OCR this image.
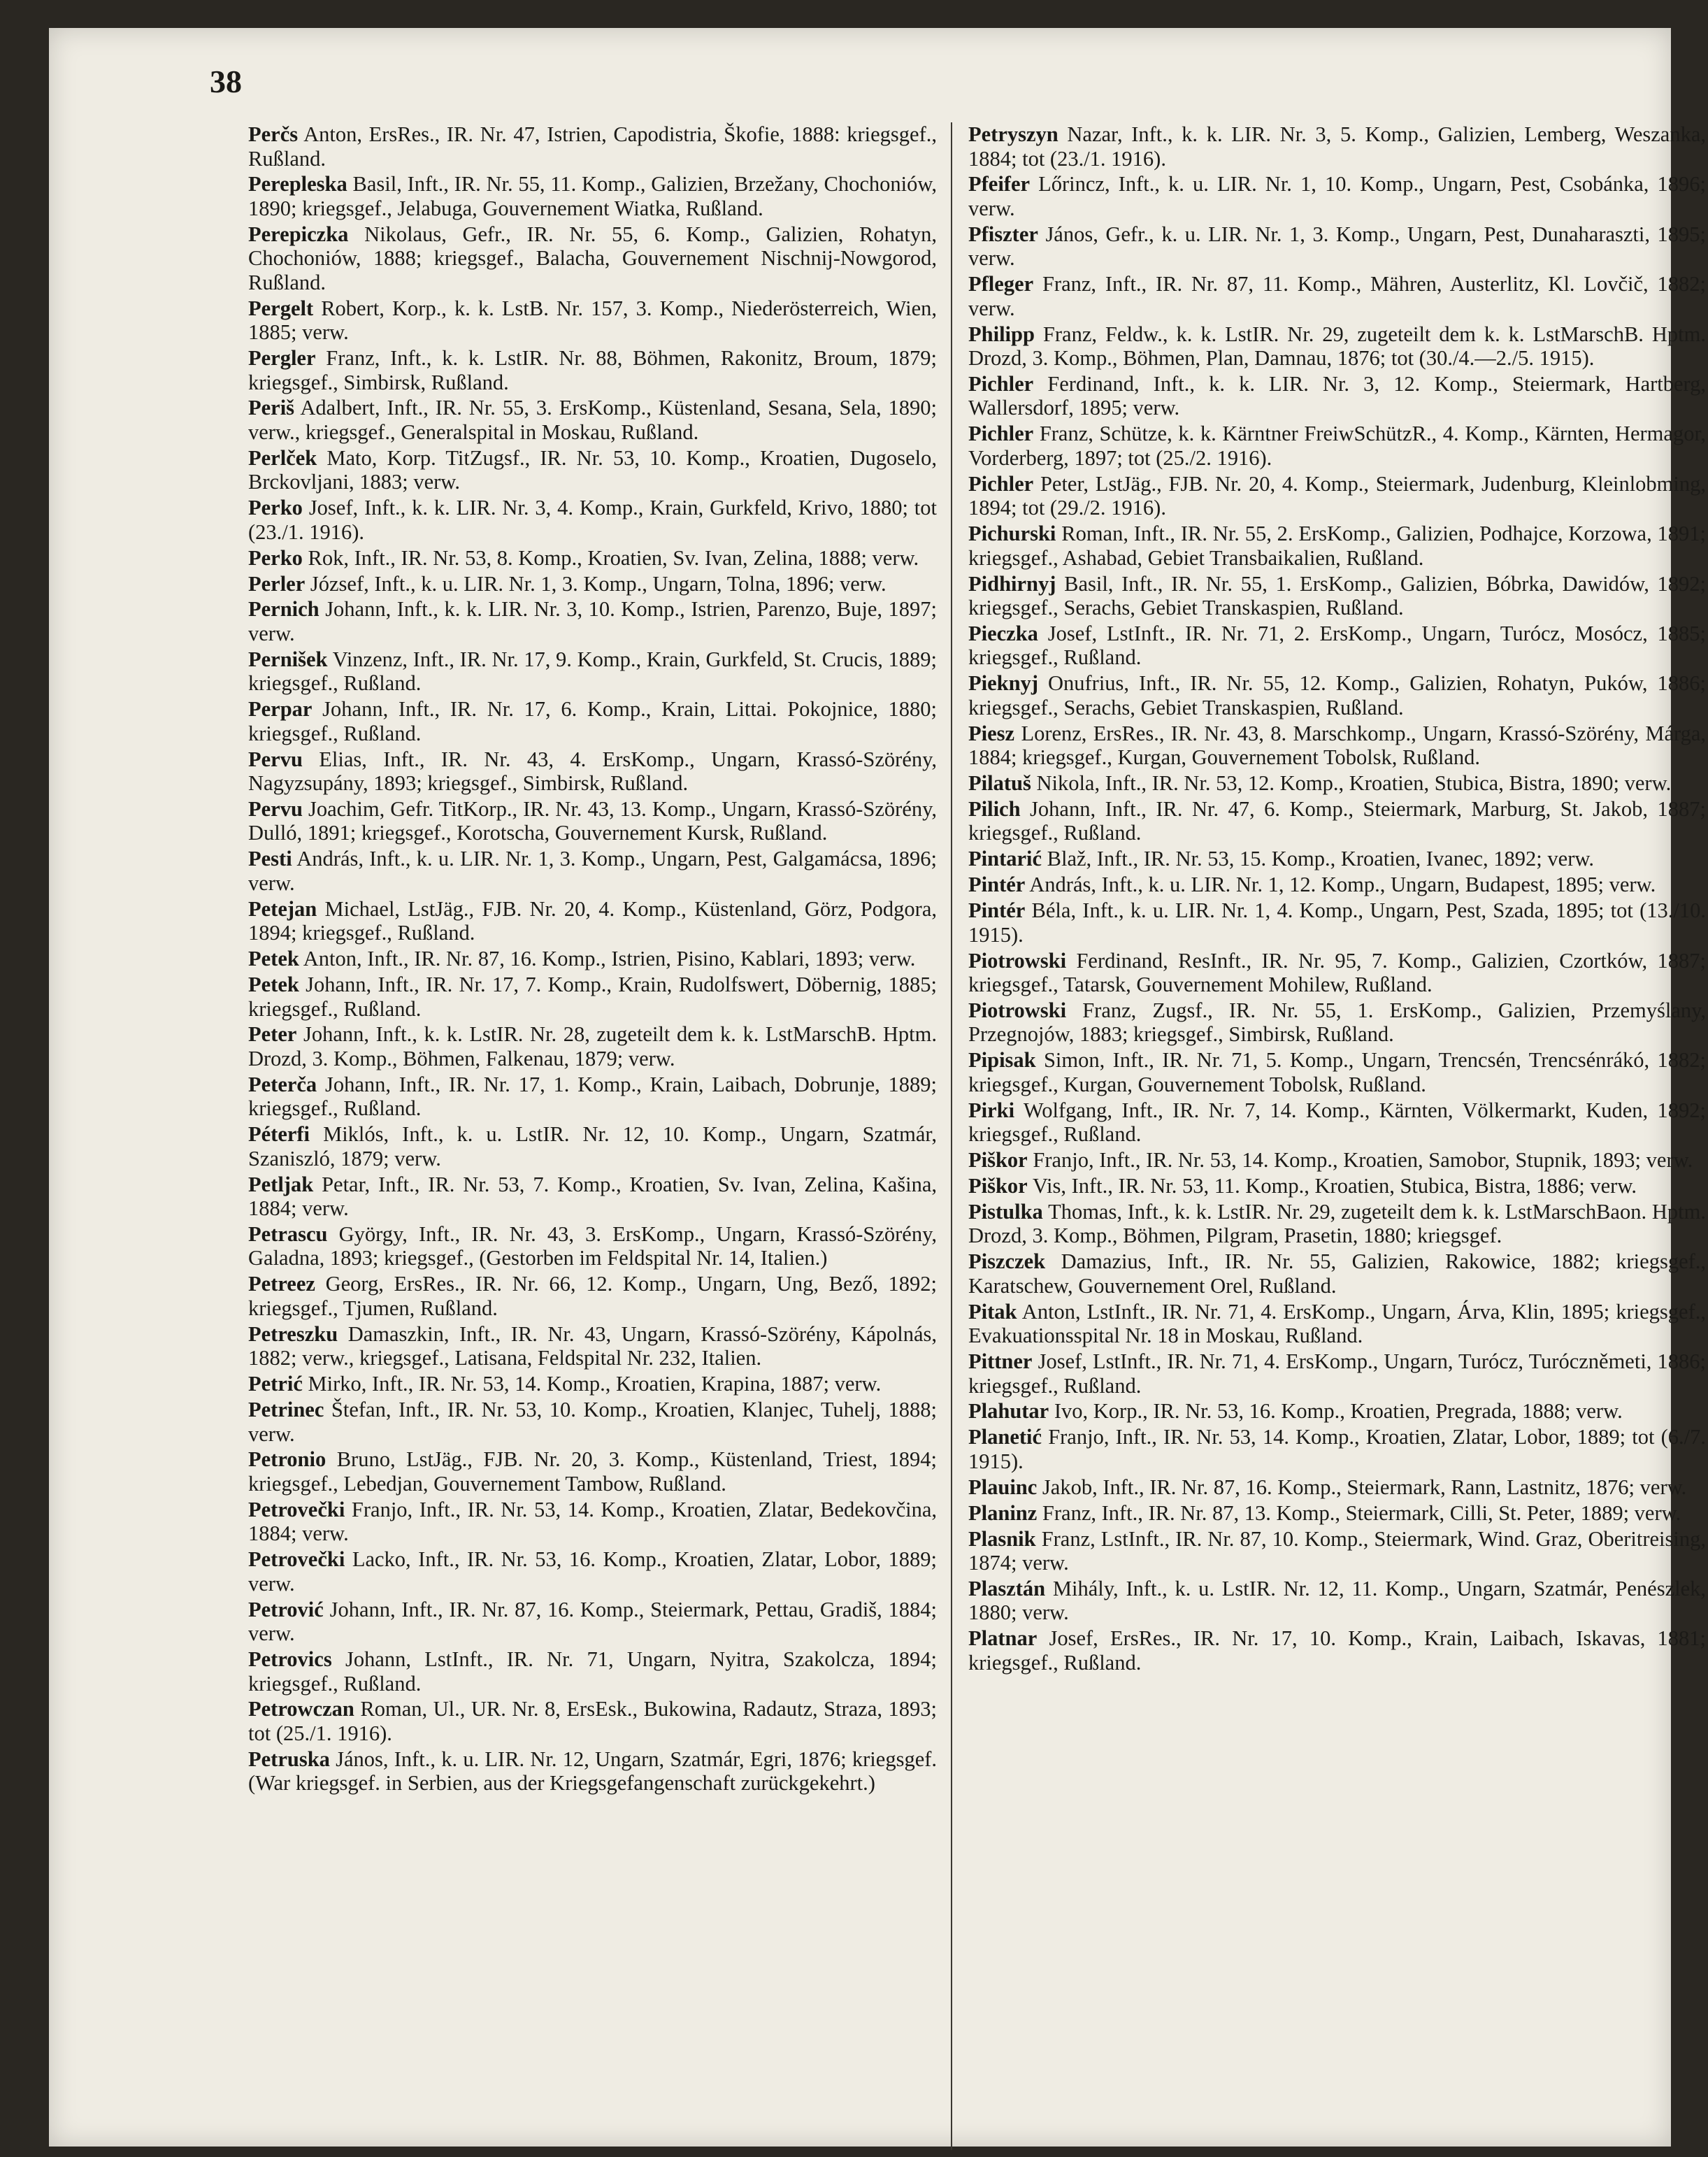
38

Perčs Anton, ErsRes., IR. Nr. 47, Istrien, Capodistria, Škofie, 1888: kriegsgef., Rußland.

Perepleska Basil, Inft., IR. Nr. 55, 11. Komp., Galizien, Brzežany, Chochoniów, 1890; kriegsgef., Jelabuga, Gouvernement Wiatka, Rußland.

Perepiczka Nikolaus, Gefr., IR. Nr. 55, 6. Komp., Galizien, Rohatyn, Chochoniów, 1888; kriegsgef., Balacha, Gouvernement Nischnij-Nowgorod, Rußland.

Pergelt Robert, Korp., k. k. LstB. Nr. 157, 3. Komp., Niederösterreich, Wien, 1885; verw.

Pergler Franz, Inft., k. k. LstIR. Nr. 88, Böhmen, Rakonitz, Broum, 1879; kriegsgef., Simbirsk, Rußland.

Periš Adalbert, Inft., IR. Nr. 55, 3. ErsKomp., Küstenland, Sesana, Sela, 1890; verw., kriegsgef., Generalspital in Moskau, Rußland.

Perlček Mato, Korp. TitZugsf., IR. Nr. 53, 10. Komp., Kroatien, Dugoselo, Brckovljani, 1883; verw.

Perko Josef, Inft., k. k. LIR. Nr. 3, 4. Komp., Krain, Gurkfeld, Krivo, 1880; tot (23./1. 1916).

Perko Rok, Inft., IR. Nr. 53, 8. Komp., Kroatien, Sv. Ivan, Zelina, 1888; verw.

Perler József, Inft., k. u. LIR. Nr. 1, 3. Komp., Ungarn, Tolna, 1896; verw.

Pernich Johann, Inft., k. k. LIR. Nr. 3, 10. Komp., Istrien, Parenzo, Buje, 1897; verw.

Pernišek Vinzenz, Inft., IR. Nr. 17, 9. Komp., Krain, Gurkfeld, St. Crucis, 1889; kriegsgef., Rußland.

Perpar Johann, Inft., IR. Nr. 17, 6. Komp., Krain, Littai. Pokojnice, 1880; kriegsgef., Rußland.

Pervu Elias, Inft., IR. Nr. 43, 4. ErsKomp., Ungarn, Krassó-Szörény, Nagyzsupány, 1893; kriegsgef., Simbirsk, Rußland.

Pervu Joachim, Gefr. TitKorp., IR. Nr. 43, 13. Komp., Ungarn, Krassó-Szörény, Dulló, 1891; kriegsgef., Korotscha, Gouvernement Kursk, Rußland.

Pesti András, Inft., k. u. LIR. Nr. 1, 3. Komp., Ungarn, Pest, Galgamácsa, 1896; verw.

Petejan Michael, LstJäg., FJB. Nr. 20, 4. Komp., Küstenland, Görz, Podgora, 1894; kriegsgef., Rußland.

Petek Anton, Inft., IR. Nr. 87, 16. Komp., Istrien, Pisino, Kablari, 1893; verw.

Petek Johann, Inft., IR. Nr. 17, 7. Komp., Krain, Rudolfswert, Döbernig, 1885; kriegsgef., Rußland.

Peter Johann, Inft., k. k. LstIR. Nr. 28, zugeteilt dem k. k. LstMarschB. Hptm. Drozd, 3. Komp., Böhmen, Falkenau, 1879; verw.

Peterča Johann, Inft., IR. Nr. 17, 1. Komp., Krain, Laibach, Dobrunje, 1889; kriegsgef., Rußland.

Péterfi Miklós, Inft., k. u. LstIR. Nr. 12, 10. Komp., Ungarn, Szatmár, Szaniszló, 1879; verw.

Petljak Petar, Inft., IR. Nr. 53, 7. Komp., Kroatien, Sv. Ivan, Zelina, Kašina, 1884; verw.

Petrascu György, Inft., IR. Nr. 43, 3. ErsKomp., Ungarn, Krassó-Szörény, Galadna, 1893; kriegsgef., (Gestorben im Feldspital Nr. 14, Italien.)

Petreez Georg, ErsRes., IR. Nr. 66, 12. Komp., Ungarn, Ung, Bező, 1892; kriegsgef., Tjumen, Rußland.

Petreszku Damaszkin, Inft., IR. Nr. 43, Ungarn, Krassó-Szörény, Kápolnás, 1882; verw., kriegsgef., Latisana, Feldspital Nr. 232, Italien.

Petrić Mirko, Inft., IR. Nr. 53, 14. Komp., Kroatien, Krapina, 1887; verw.

Petrinec Štefan, Inft., IR. Nr. 53, 10. Komp., Kroatien, Klanjec, Tuhelj, 1888; verw.

Petronio Bruno, LstJäg., FJB. Nr. 20, 3. Komp., Küstenland, Triest, 1894; kriegsgef., Lebedjan, Gouvernement Tambow, Rußland.

Petrovečki Franjo, Inft., IR. Nr. 53, 14. Komp., Kroatien, Zlatar, Bedekovčina, 1884; verw.

Petrovečki Lacko, Inft., IR. Nr. 53, 16. Komp., Kroatien, Zlatar, Lobor, 1889; verw.

Petrović Johann, Inft., IR. Nr. 87, 16. Komp., Steiermark, Pettau, Gradiš, 1884; verw.

Petrovics Johann, LstInft., IR. Nr. 71, Ungarn, Nyitra, Szakolcza, 1894; kriegsgef., Rußland.

Petrowczan Roman, Ul., UR. Nr. 8, ErsEsk., Bukowina, Radautz, Straza, 1893; tot (25./1. 1916).

Petruska János, Inft., k. u. LIR. Nr. 12, Ungarn, Szatmár, Egri, 1876; kriegsgef. (War kriegsgef. in Serbien, aus der Kriegsgefangenschaft zurückgekehrt.)

Petryszyn Nazar, Inft., k. k. LIR. Nr. 3, 5. Komp., Galizien, Lemberg, Weszanka, 1884; tot (23./1. 1916).

Pfeifer Lőrincz, Inft., k. u. LIR. Nr. 1, 10. Komp., Ungarn, Pest, Csobánka, 1896; verw.

Pfiszter János, Gefr., k. u. LIR. Nr. 1, 3. Komp., Ungarn, Pest, Dunaharaszti, 1895; verw.

Pfleger Franz, Inft., IR. Nr. 87, 11. Komp., Mähren, Austerlitz, Kl. Lovčič, 1882; verw.

Philipp Franz, Feldw., k. k. LstIR. Nr. 29, zugeteilt dem k. k. LstMarschB. Hptm. Drozd, 3. Komp., Böhmen, Plan, Damnau, 1876; tot (30./4.—2./5. 1915).

Pichler Ferdinand, Inft., k. k. LIR. Nr. 3, 12. Komp., Steiermark, Hartberg, Wallersdorf, 1895; verw.

Pichler Franz, Schütze, k. k. Kärntner FreiwSchützR., 4. Komp., Kärnten, Hermagor, Vorderberg, 1897; tot (25./2. 1916).

Pichler Peter, LstJäg., FJB. Nr. 20, 4. Komp., Steiermark, Judenburg, Kleinlobming, 1894; tot (29./2. 1916).

Pichurski Roman, Inft., IR. Nr. 55, 2. ErsKomp., Galizien, Podhajce, Korzowa, 1891; kriegsgef., Ashabad, Gebiet Transbaikalien, Rußland.

Pidhirnyj Basil, Inft., IR. Nr. 55, 1. ErsKomp., Galizien, Bóbrka, Dawidów, 1892; kriegsgef., Serachs, Gebiet Transkaspien, Rußland.

Pieczka Josef, LstInft., IR. Nr. 71, 2. ErsKomp., Ungarn, Turócz, Mosócz, 1885; kriegsgef., Rußland.

Pieknyj Onufrius, Inft., IR. Nr. 55, 12. Komp., Galizien, Rohatyn, Puków, 1886; kriegsgef., Serachs, Gebiet Transkaspien, Rußland.

Piesz Lorenz, ErsRes., IR. Nr. 43, 8. Marschkomp., Ungarn, Krassó-Szörény, Márga, 1884; kriegsgef., Kurgan, Gouvernement Tobolsk, Rußland.

Pilatuš Nikola, Inft., IR. Nr. 53, 12. Komp., Kroatien, Stubica, Bistra, 1890; verw.

Pilich Johann, Inft., IR. Nr. 47, 6. Komp., Steiermark, Marburg, St. Jakob, 1887; kriegsgef., Rußland.

Pintarić Blaž, Inft., IR. Nr. 53, 15. Komp., Kroatien, Ivanec, 1892; verw.

Pintér András, Inft., k. u. LIR. Nr. 1, 12. Komp., Ungarn, Budapest, 1895; verw.

Pintér Béla, Inft., k. u. LIR. Nr. 1, 4. Komp., Ungarn, Pest, Szada, 1895; tot (13./10. 1915).

Piotrowski Ferdinand, ResInft., IR. Nr. 95, 7. Komp., Galizien, Czortków, 1887; kriegsgef., Tatarsk, Gouvernement Mohilew, Rußland.

Piotrowski Franz, Zugsf., IR. Nr. 55, 1. ErsKomp., Galizien, Przemyślany, Przegnojów, 1883; kriegsgef., Simbirsk, Rußland.

Pipisak Simon, Inft., IR. Nr. 71, 5. Komp., Ungarn, Trencsén, Trencsénrákó, 1882; kriegsgef., Kurgan, Gouvernement Tobolsk, Rußland.

Pirki Wolfgang, Inft., IR. Nr. 7, 14. Komp., Kärnten, Völkermarkt, Kuden, 1892; kriegsgef., Rußland.

Piškor Franjo, Inft., IR. Nr. 53, 14. Komp., Kroatien, Samobor, Stupnik, 1893; verw.

Piškor Vis, Inft., IR. Nr. 53, 11. Komp., Kroatien, Stubica, Bistra, 1886; verw.

Pistulka Thomas, Inft., k. k. LstIR. Nr. 29, zugeteilt dem k. k. LstMarschBaon. Hptm. Drozd, 3. Komp., Böhmen, Pilgram, Prasetin, 1880; kriegsgef.

Piszczek Damazius, Inft., IR. Nr. 55, Galizien, Rakowice, 1882; kriegsgef., Karatschew, Gouvernement Orel, Rußland.

Pitak Anton, LstInft., IR. Nr. 71, 4. ErsKomp., Ungarn, Árva, Klin, 1895; kriegsgef., Evakuationsspital Nr. 18 in Moskau, Rußland.

Pittner Josef, LstInft., IR. Nr. 71, 4. ErsKomp., Ungarn, Turócz, Turóczněmeti, 1886; kriegsgef., Rußland.

Plahutar Ivo, Korp., IR. Nr. 53, 16. Komp., Kroatien, Pregrada, 1888; verw.

Planetić Franjo, Inft., IR. Nr. 53, 14. Komp., Kroatien, Zlatar, Lobor, 1889; tot (6./7. 1915).

Plauinc Jakob, Inft., IR. Nr. 87, 16. Komp., Steiermark, Rann, Lastnitz, 1876; verw.

Planinz Franz, Inft., IR. Nr. 87, 13. Komp., Steiermark, Cilli, St. Peter, 1889; verw.

Plasnik Franz, LstInft., IR. Nr. 87, 10. Komp., Steiermark, Wind. Graz, Oberitreising, 1874; verw.

Plasztán Mihály, Inft., k. u. LstIR. Nr. 12, 11. Komp., Ungarn, Szatmár, Penészlek, 1880; verw.

Platnar Josef, ErsRes., IR. Nr. 17, 10. Komp., Krain, Laibach, Iskavas, 1881; kriegsgef., Rußland.
